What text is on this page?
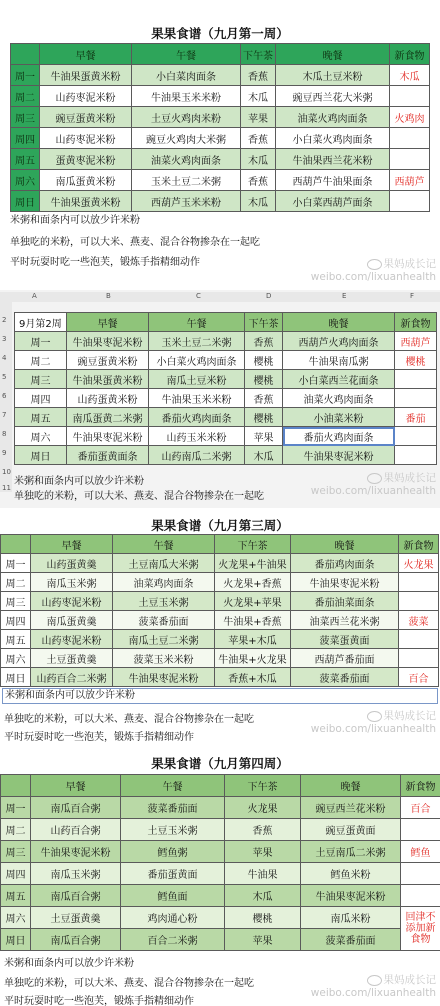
果果食谱（九月第一周）
	早餐	午餐	下午茶	晚餐	新食物
周一	牛油果蛋黄米粉	小白菜肉面条	香蕉	木瓜土豆米粉	木瓜
周二	山药枣泥米粉	牛油果玉米米粉	木瓜	豌豆西兰花大米粥	
周三	豌豆蛋黄米粉	土豆火鸡肉米粉	苹果	油菜火鸡肉面条	火鸡肉
周四	山药枣泥米粉	豌豆火鸡肉大米粥	香蕉	小白菜火鸡肉面条	
周五	蛋黄枣泥米粉	油菜火鸡肉面条	木瓜	牛油果西兰花米粉	
周六	南瓜蛋黄米粉	玉米土豆二米粥	香蕉	西葫芦牛油果面条	西葫芦
周日	牛油果蛋黄米粉	西葫芦玉米米粉	木瓜	小白菜西葫芦面条	
米粥和面条内可以放少许米粉
单独吃的米粉，可以大米、燕麦、混合谷物掺杂在一起吃
平时玩耍时吃一些泡芙，锻炼手指精细动作	果妈成长记
weibo.com/lixuanhealth
A	B	C	D	E	F
2
3
4
5
6
7
8
9
10
11
9月第2周	早餐	午餐	下午茶	晚餐	新食物
周一	牛油果枣泥米粉	玉米土豆二米粥	香蕉	西葫芦火鸡肉面条	西葫芦
周二	豌豆蛋黄米粉	小白菜火鸡肉面条	樱桃	牛油果南瓜粥	樱桃
周三	牛油果蛋黄米粉	南瓜土豆米粉	樱桃	小白菜西兰花面条	
周四	山药蛋黄米粉	牛油果玉米米粉	香蕉	油菜火鸡肉面条	
周五	南瓜蛋黄二米粥	番茄火鸡肉面条	樱桃	小油菜米粉	番茄
周六	牛油果枣泥米粉	山药玉米米粉	苹果	番茄火鸡肉面条	
周日	番茄蛋黄面条	山药南瓜二米粥	木瓜	牛油果枣泥米粉	
米粥和面条内可以放少许米粉
单独吃的米粉，可以大米、燕麦、混合谷物掺杂在一起吃
果妈成长记
weibo.com/lixuanhealth
果果食谱（九月第三周）
	早餐	午餐	下午茶	晚餐	新食物
周一	山药蛋黄羹	土豆南瓜大米粥	火龙果+牛油果	番茄鸡肉面条	火龙果
周二	南瓜玉米粥	油菜鸡肉面条	火龙果+香蕉	牛油果枣泥米粉	
周三	山药枣泥米粉	土豆玉米粥	火龙果+苹果	番茄油菜面条	
周四	南瓜蛋黄羹	菠菜番茄面	牛油果+香蕉	油菜西兰花米粥	菠菜
周五	山药枣泥米粉	南瓜土豆二米粥	苹果+木瓜	菠菜蛋黄面	
周六	土豆蛋黄羹	菠菜玉米米粉	牛油果+火龙果	西葫芦番茄面	
周日	山药百合二米粥	牛油果枣泥米粉	香蕉+木瓜	菠菜番茄面	百合
米粥和面条内可以放少许米粉
单独吃的米粉，可以大米、燕麦、混合谷物掺杂在一起吃
平时玩耍时吃一些泡芙，锻炼手指精细动作
果妈成长记
weibo.com/lixuanhealth
果果食谱（九月第四周）
	早餐	午餐	下午茶	晚餐	新食物
周一	南瓜百合粥	菠菜番茄面	火龙果	豌豆西兰花米粉	百合
周二	山药百合粥	土豆玉米粥	香蕉	豌豆蛋黄面	
周三	牛油果枣泥米粉	鳕鱼粥	苹果	土豆南瓜二米粥	鳕鱼
周四	南瓜玉米粥	番茄蛋黄面	牛油果	鳕鱼米粉	
周五	南瓜百合粥	鳕鱼面	木瓜	牛油果枣泥米粉	
周六	土豆蛋黄羹	鸡肉通心粉	樱桃	南瓜米粉	回津不添加新食物
周日	南瓜百合粥	百合二米粥	苹果	菠菜番茄面	
米粥和面条内可以放少许米粉
单独吃的米粉，可以大米、燕麦、混合谷物掺杂在一起吃
平时玩耍时吃一些泡芙，锻炼手指精细动作
果妈成长记
weibo.com/lixuanhealth
